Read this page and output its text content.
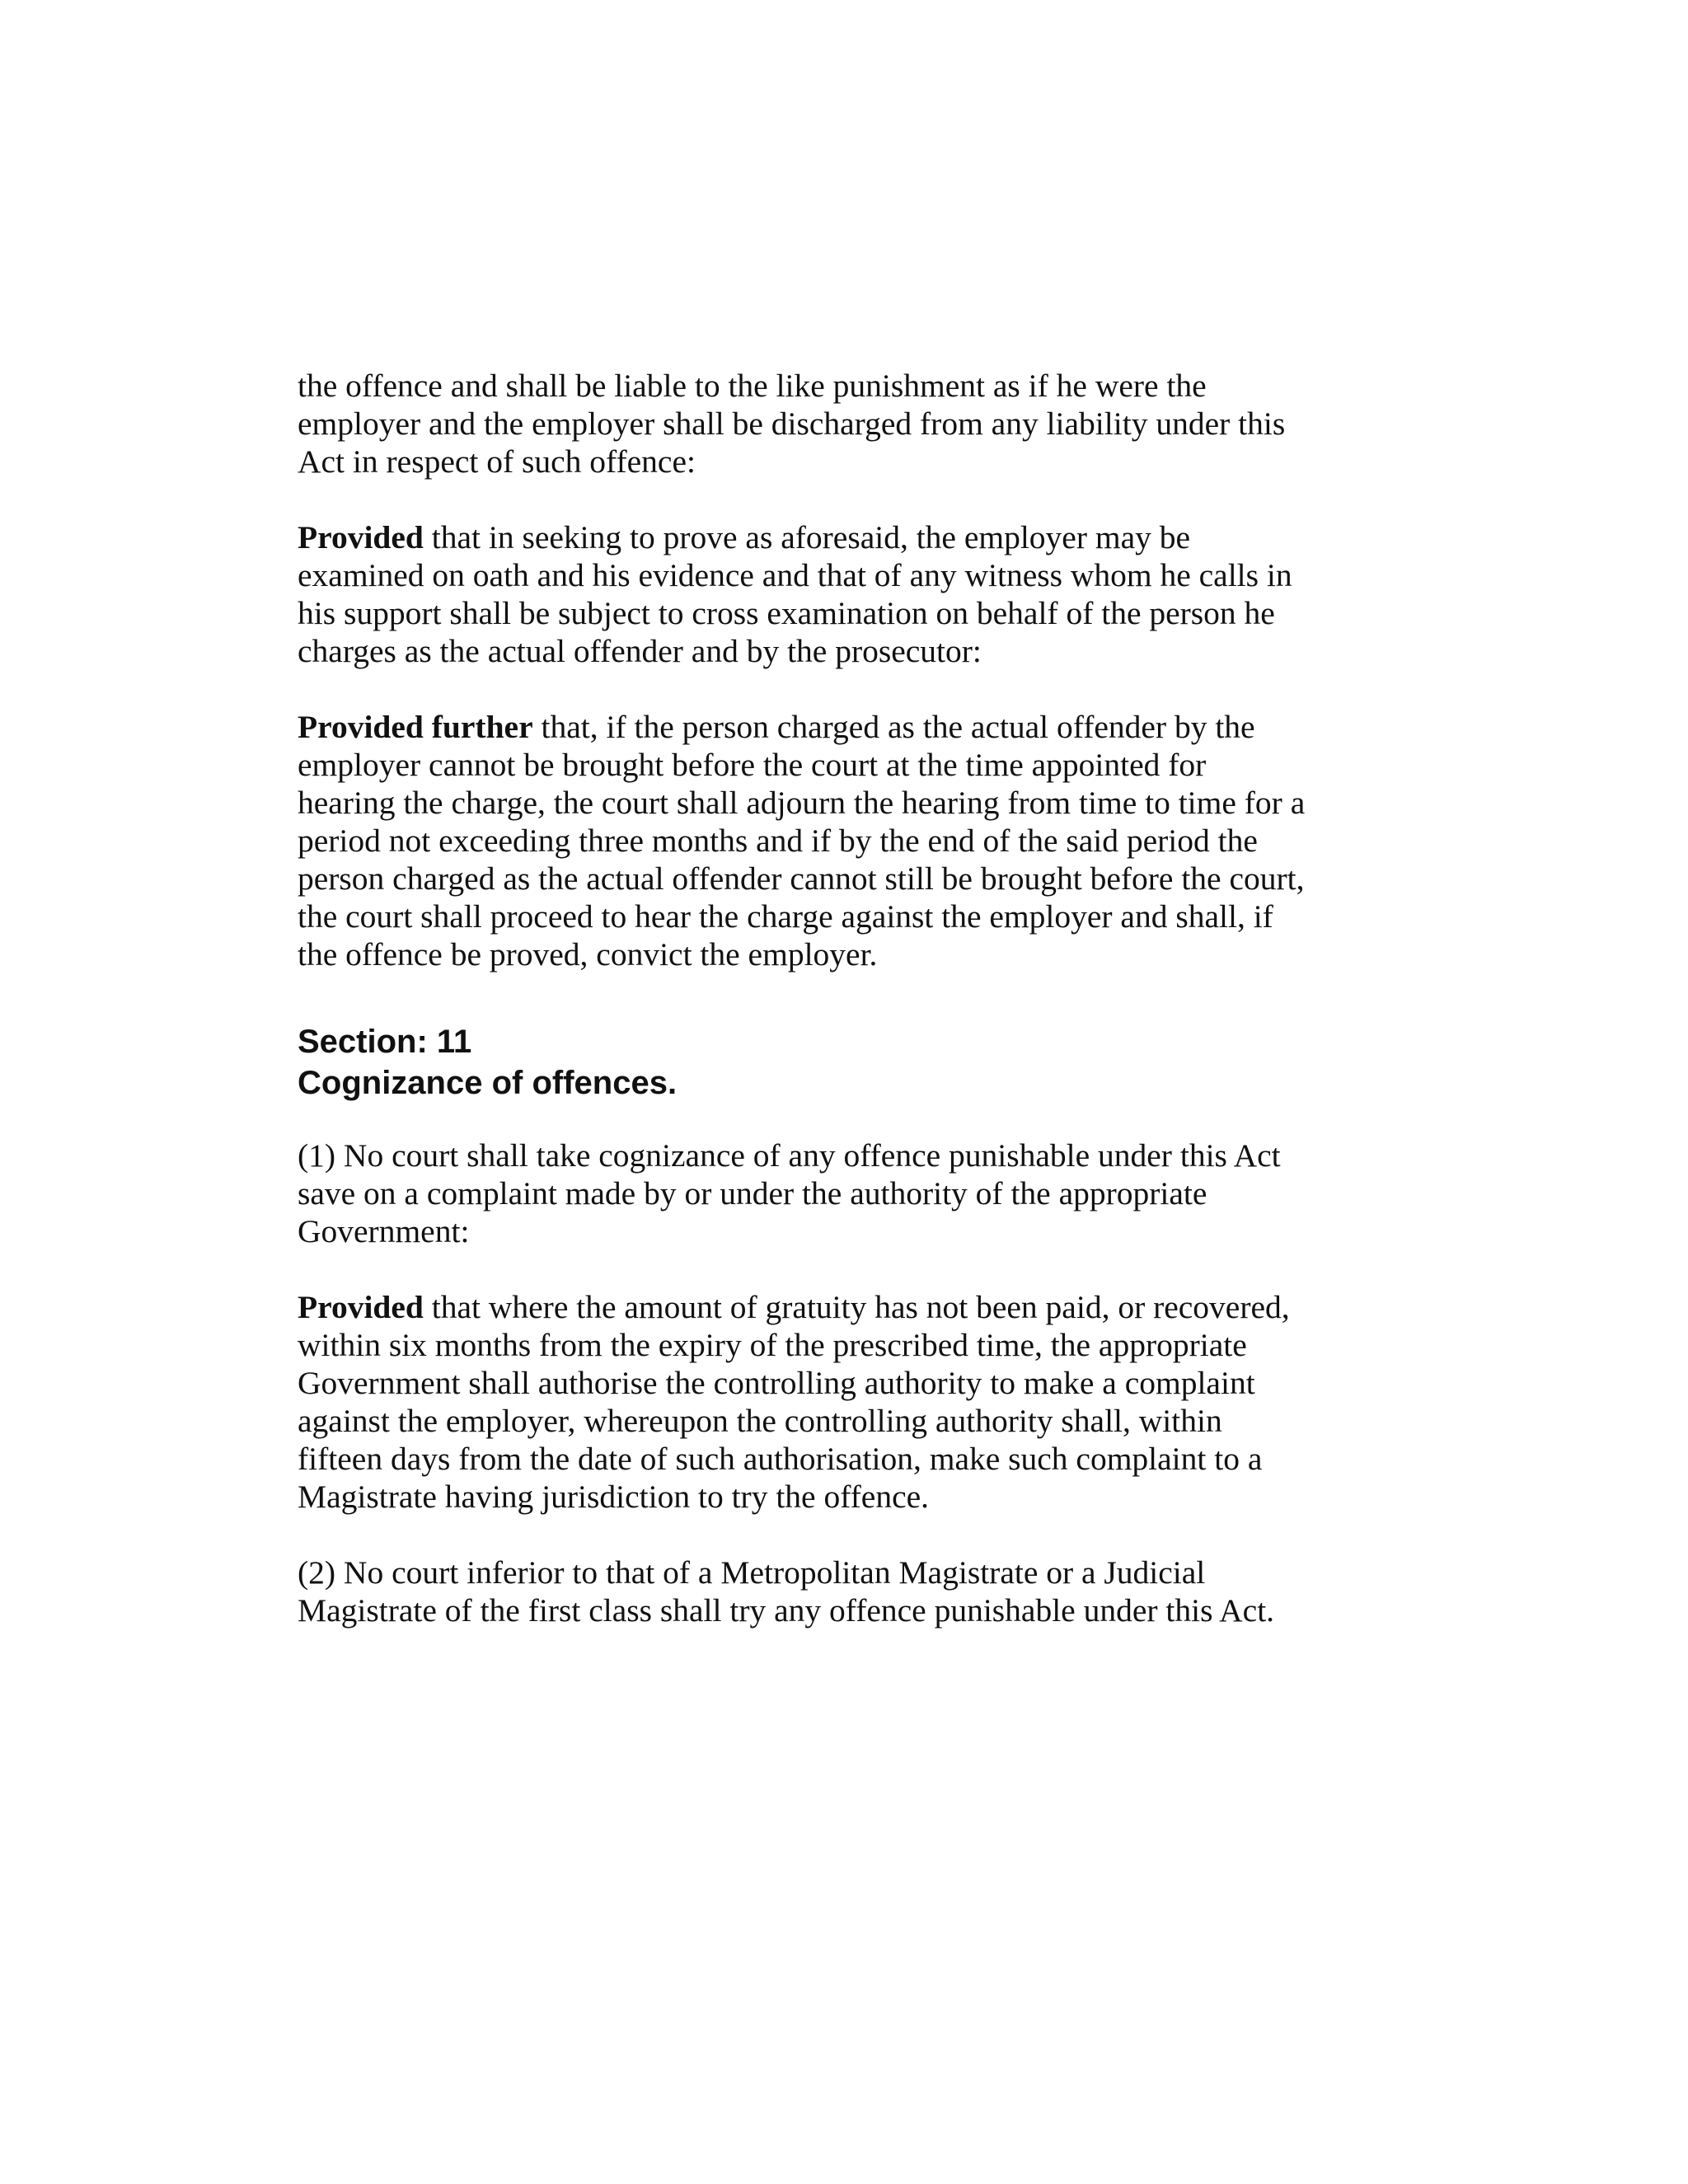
the offence and shall be liable to the like punishment as if he were the
employer and the employer shall be discharged from any liability under this
Act in respect of such offence:

Provided that in seeking to prove as aforesaid, the employer may be
examined on oath and his evidence and that of any witness whom he calls in
his support shall be subject to cross examination on behalf of the person he
charges as the actual offender and by the prosecutor:

Provided further that, if the person charged as the actual offender by the
employer cannot be brought before the court at the time appointed for
hearing the charge, the court shall adjourn the hearing from time to time for a
period not exceeding three months and if by the end of the said period the
person charged as the actual offender cannot still be brought before the court,
the court shall proceed to hear the charge against the employer and shall, if
the offence be proved, convict the employer.

Section: 11

Cognizance of offences.

(1) No court shall take cognizance of any offence punishable under this Act
save on a complaint made by or under the authority of the appropriate
Government:

Provided that where the amount of gratuity has not been paid, or recovered,
within six months from the expiry of the prescribed time, the appropriate
Government shall authorise the controlling authority to make a complaint
against the employer, whereupon the controlling authority shall, within
fifteen days from the date of such authorisation, make such complaint to a
Magistrate having jurisdiction to try the offence.

(2) No court inferior to that of a Metropolitan Magistrate or a Judicial
Magistrate of the first class shall try any offence punishable under this Act.
